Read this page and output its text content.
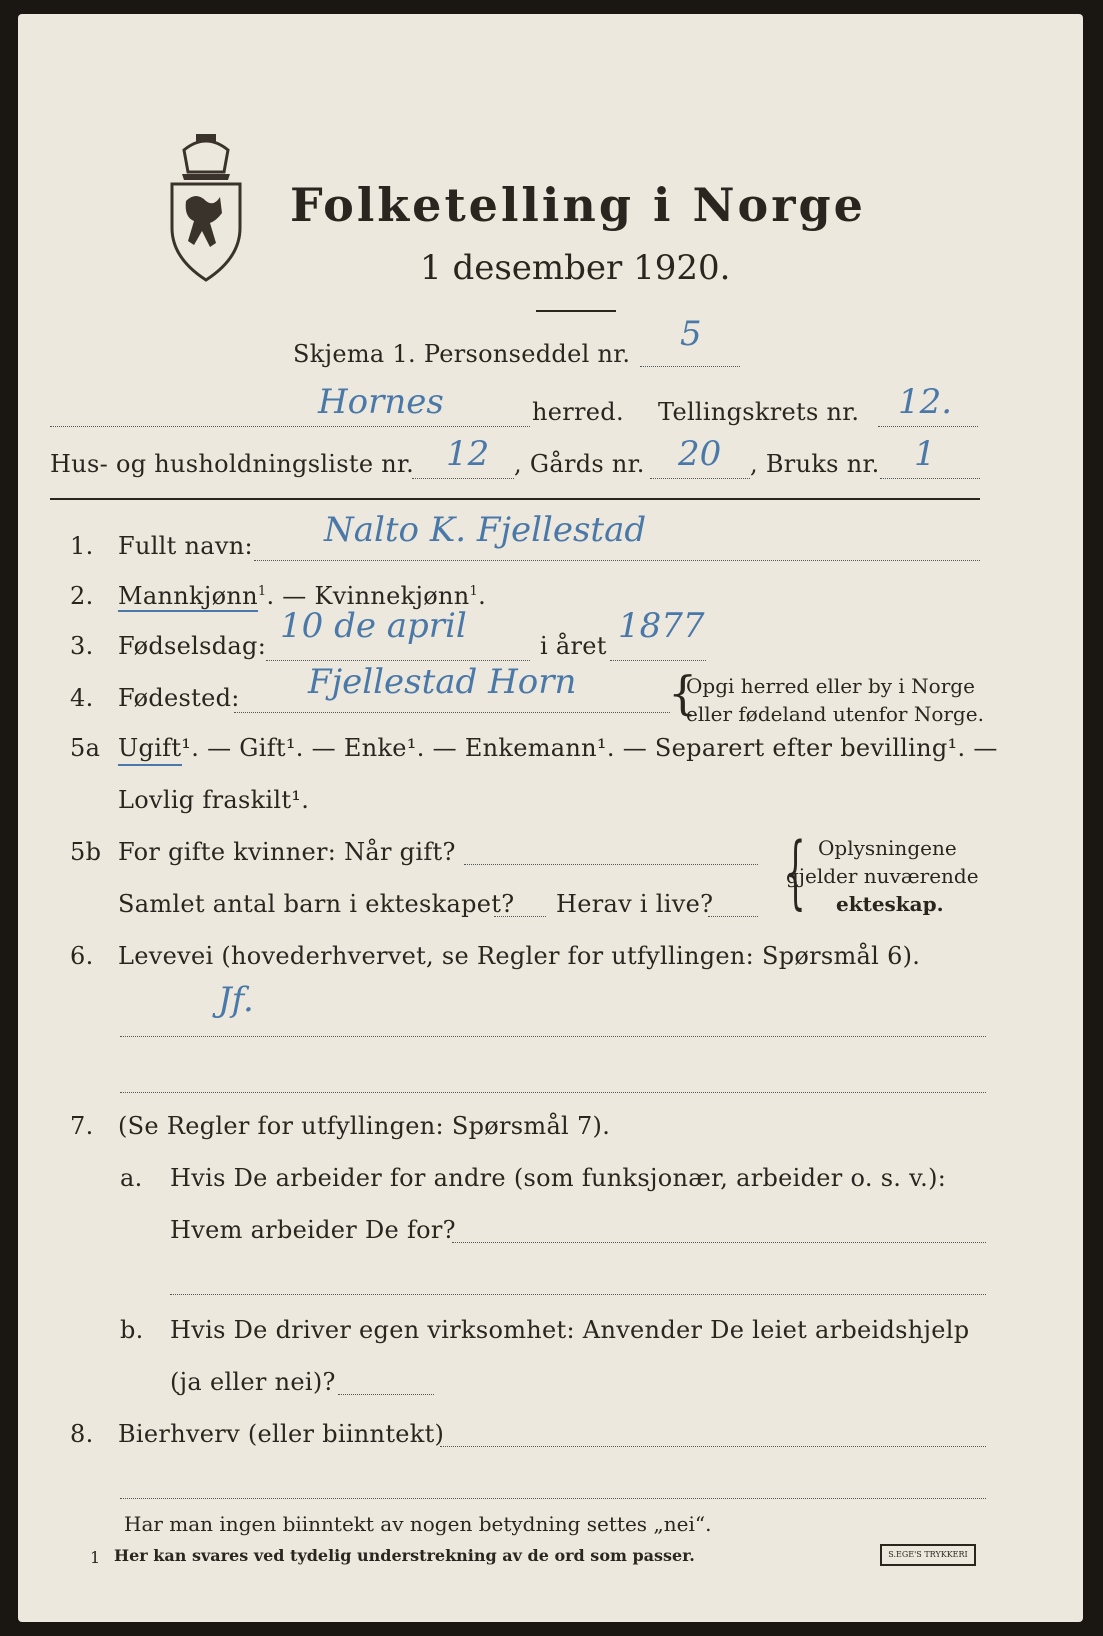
Folketelling i Norge
1 desember 1920.
Skjema 1. Personseddel nr. 5
Hornes	herred. Tellingskrets nr. 12.
Hus- og husholdningsliste nr. 12 , Gårds nr. 20 , Bruks nr. 1
1. Fullt navn: Nalto K. Fjellestad
2. Mannkjønn$^1$. — Kvinnekjønn$^1$.
3. Fødselsdag: 10 de april	i året 1877
4. Fødested: Fjellestad Horn {
Opgi herred eller by i Norge
eller fødeland utenfor Norge.
5a Ugift¹. — Gift¹. — Enke¹. — Enkemann¹. — Separert efter bevilling¹. —
Lovlig fraskilt¹.
5b For gifte kvinner: Når gift?
Samlet antal barn i ekteskapet? Herav i live? { Oplysningene
gjelder nuværende
ekteskap.
6. Levevei (hovederhvervet, se Regler for utfyllingen: Spørsmål 6).
Jf.
7. (Se Regler for utfyllingen: Spørsmål 7).
a. Hvis De arbeider for andre (som funksjonær, arbeider o. s. v.):
Hvem arbeider De for?
b. Hvis De driver egen virksomhet: Anvender De leiet arbeidshjelp
(ja eller nei)?
8. Bierhverv (eller biinntekt)
Har man ingen biinntekt av nogen betydning settes „nei“.
1 Her kan svares ved tydelig understrekning av de ord som passer.	S.EGE'S TRYKKERI
